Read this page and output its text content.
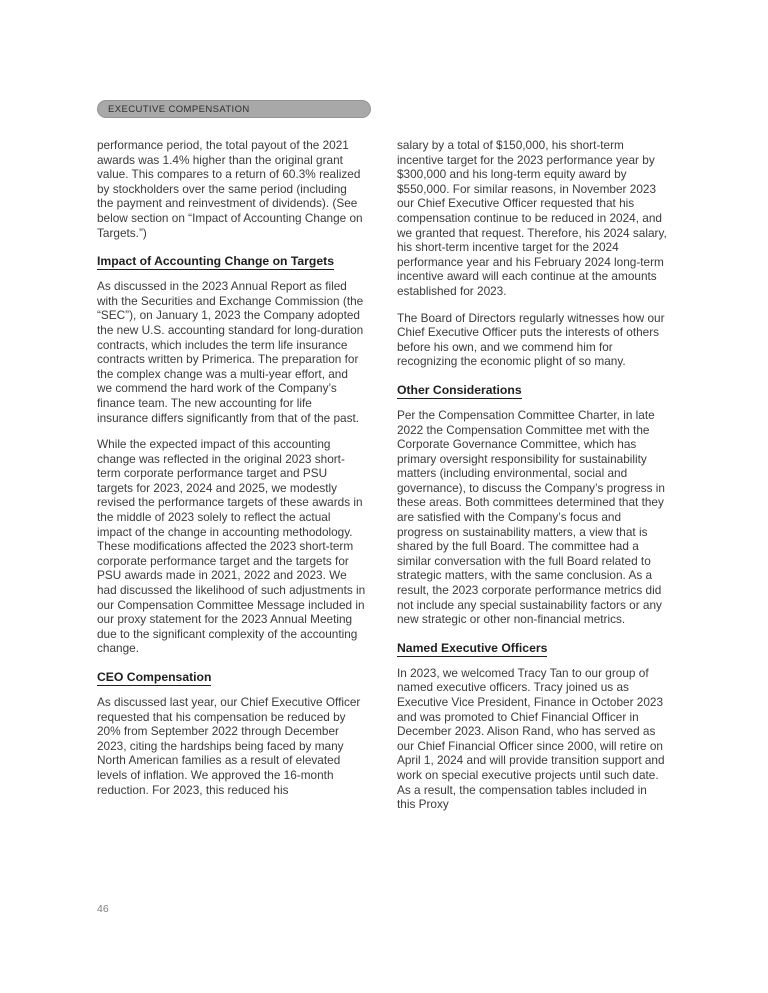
EXECUTIVE COMPENSATION

performance period, the total payout of the 2021 awards was 1.4% higher than the original grant value. This compares to a return of 60.3% realized by stockholders over the same period (including the payment and reinvestment of dividends). (See below section on “Impact of Accounting Change on Targets.”)

Impact of Accounting Change on Targets

As discussed in the 2023 Annual Report as filed with the Securities and Exchange Commission (the “SEC”), on January 1, 2023 the Company adopted the new U.S. accounting standard for long-duration contracts, which includes the term life insurance contracts written by Primerica. The preparation for the complex change was a multi-year effort, and we commend the hard work of the Company’s finance team. The new accounting for life insurance differs significantly from that of the past.

While the expected impact of this accounting change was reflected in the original 2023 short-term corporate performance target and PSU targets for 2023, 2024 and 2025, we modestly revised the performance targets of these awards in the middle of 2023 solely to reflect the actual impact of the change in accounting methodology. These modifications affected the 2023 short-term corporate performance target and the targets for PSU awards made in 2021, 2022 and 2023. We had discussed the likelihood of such adjustments in our Compensation Committee Message included in our proxy statement for the 2023 Annual Meeting due to the significant complexity of the accounting change.

CEO Compensation

As discussed last year, our Chief Executive Officer requested that his compensation be reduced by 20% from September 2022 through December 2023, citing the hardships being faced by many North American families as a result of elevated levels of inflation. We approved the 16-month reduction. For 2023, this reduced his

salary by a total of $150,000, his short-term incentive target for the 2023 performance year by $300,000 and his long-term equity award by $550,000. For similar reasons, in November 2023 our Chief Executive Officer requested that his compensation continue to be reduced in 2024, and we granted that request. Therefore, his 2024 salary, his short-term incentive target for the 2024 performance year and his February 2024 long-term incentive award will each continue at the amounts established for 2023.

The Board of Directors regularly witnesses how our Chief Executive Officer puts the interests of others before his own, and we commend him for recognizing the economic plight of so many.

Other Considerations

Per the Compensation Committee Charter, in late 2022 the Compensation Committee met with the Corporate Governance Committee, which has primary oversight responsibility for sustainability matters (including environmental, social and governance), to discuss the Company’s progress in these areas. Both committees determined that they are satisfied with the Company’s focus and progress on sustainability matters, a view that is shared by the full Board. The committee had a similar conversation with the full Board related to strategic matters, with the same conclusion. As a result, the 2023 corporate performance metrics did not include any special sustainability factors or any new strategic or other non-financial metrics.

Named Executive Officers

In 2023, we welcomed Tracy Tan to our group of named executive officers. Tracy joined us as Executive Vice President, Finance in October 2023 and was promoted to Chief Financial Officer in December 2023. Alison Rand, who has served as our Chief Financial Officer since 2000, will retire on April 1, 2024 and will provide transition support and work on special executive projects until such date. As a result, the compensation tables included in this Proxy

46
